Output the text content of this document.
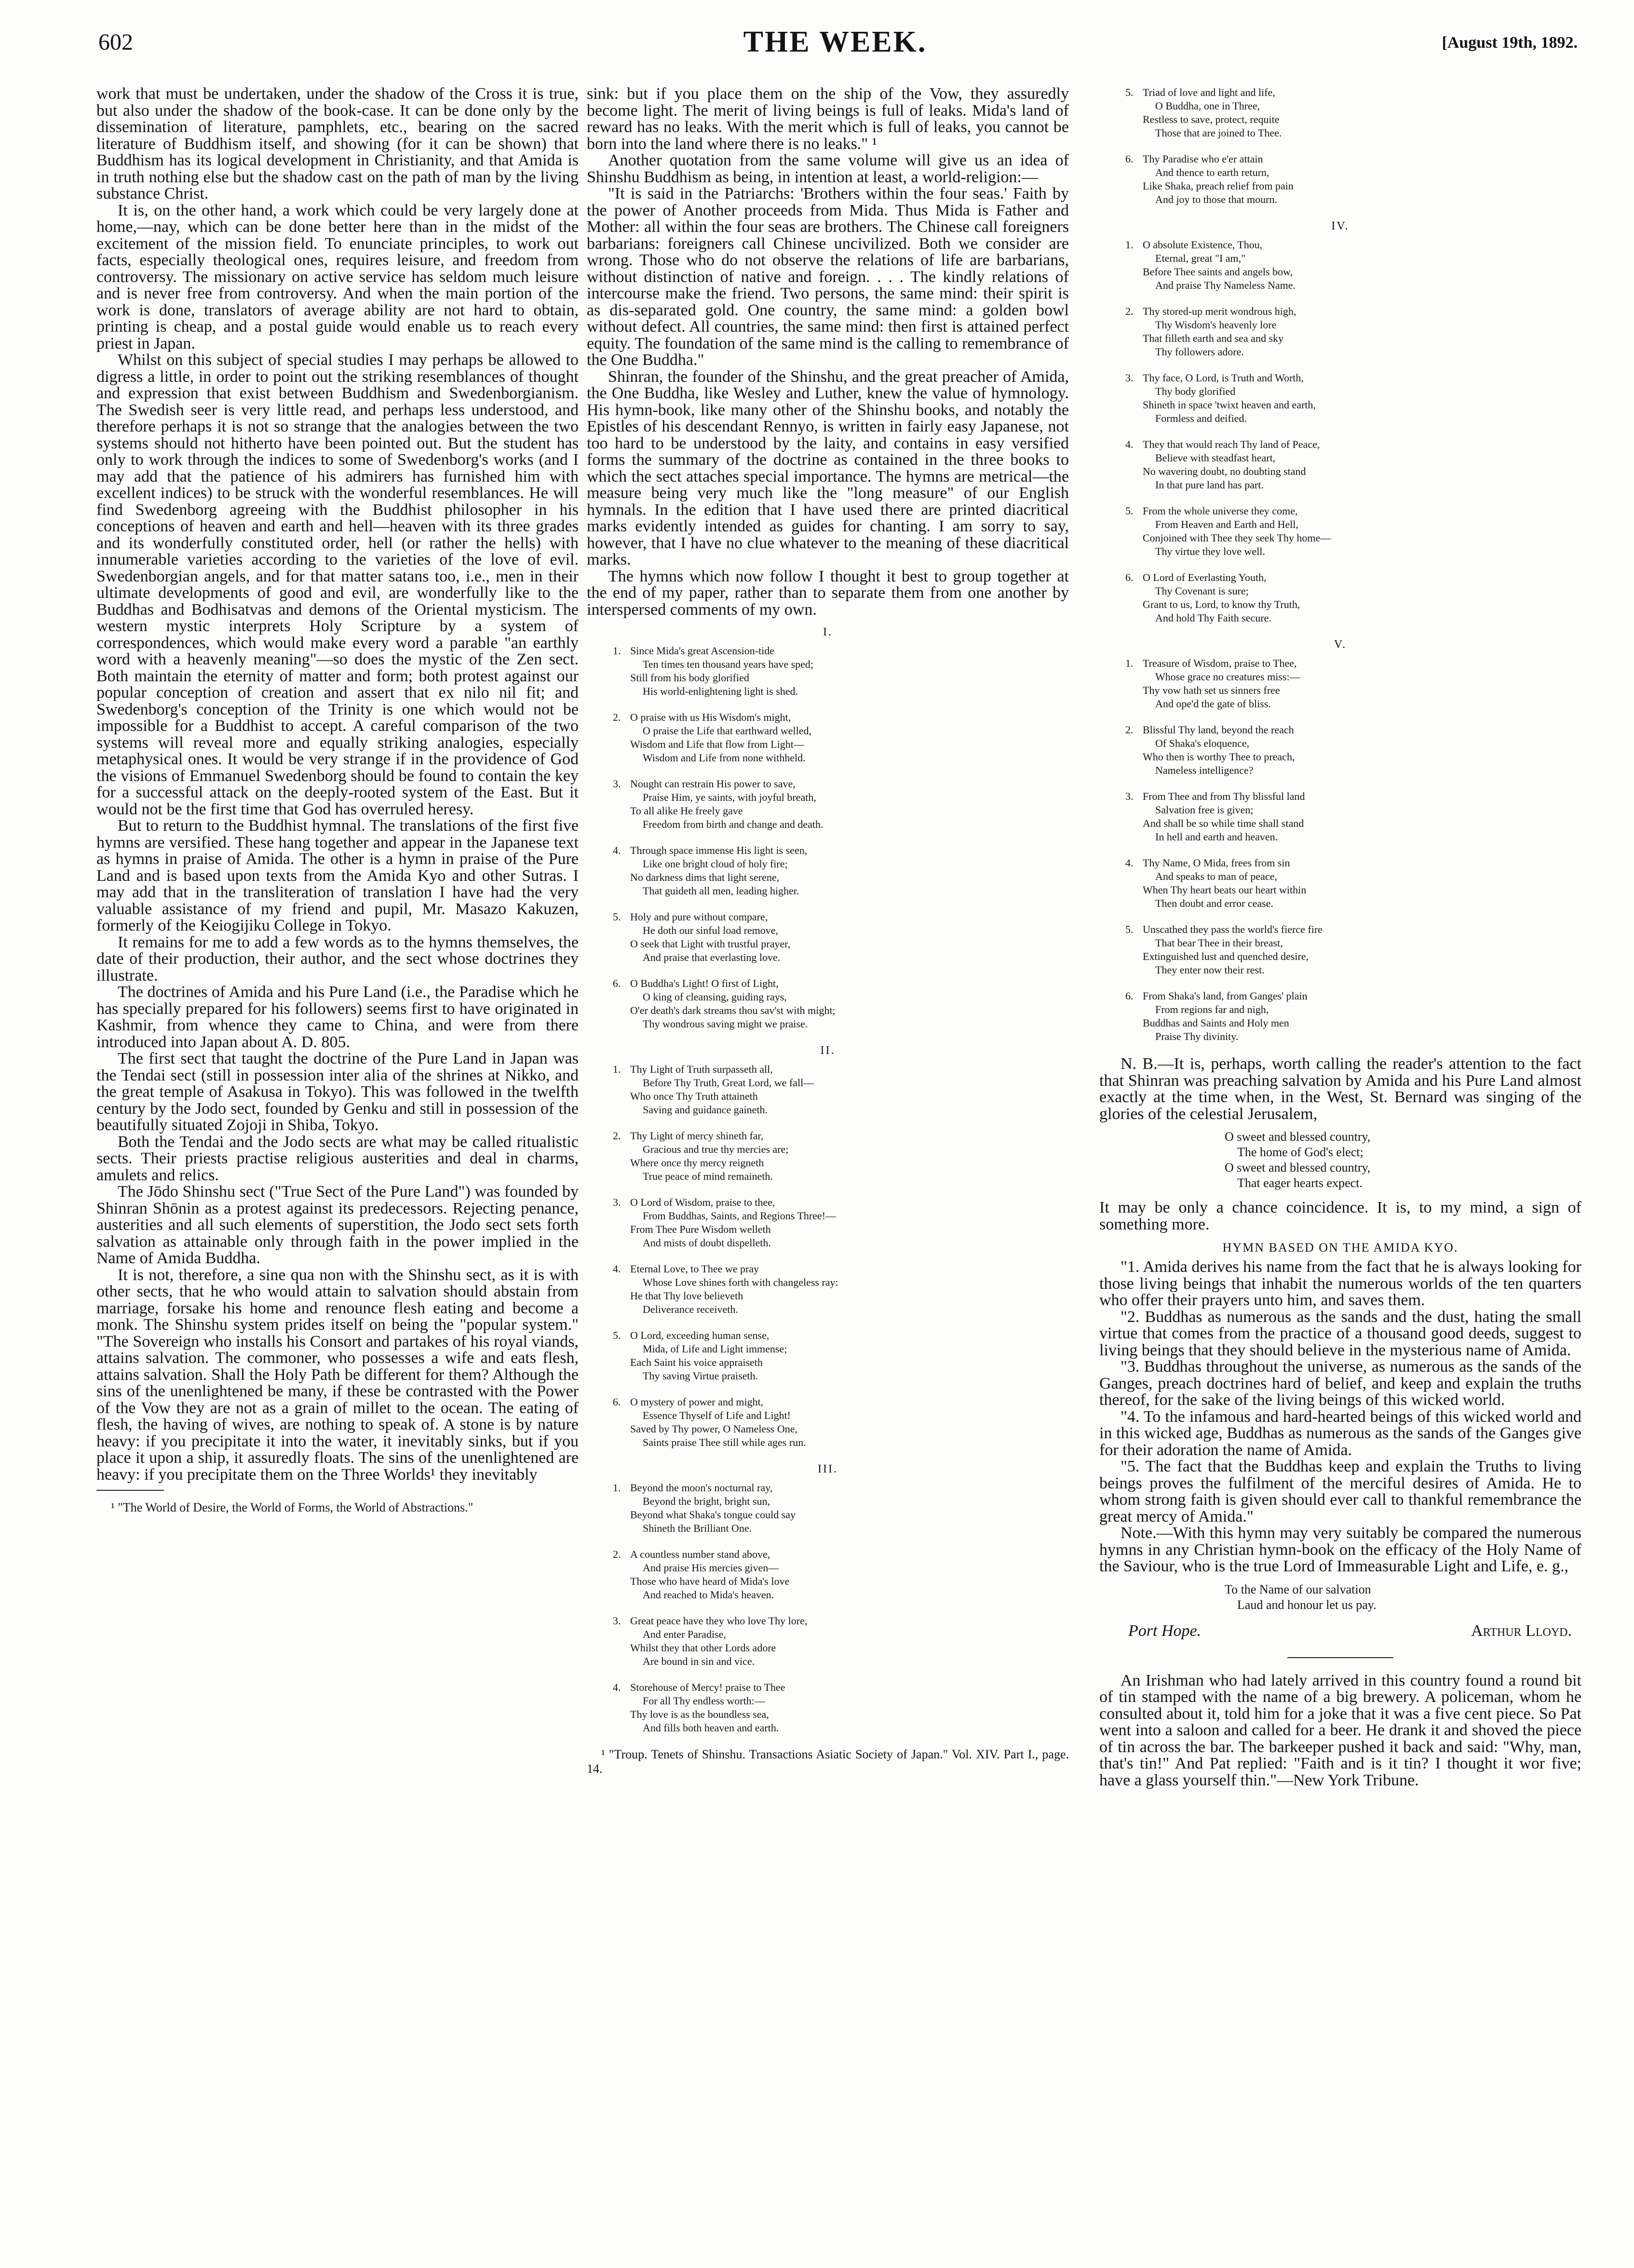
602	THE WEEK.	[August 19th, 1892.

work that must be undertaken, under the shadow of the Cross it is true, but also under the shadow of the book-case. It can be done only by the dissemination of literature, pamphlets, etc., bearing on the sacred literature of Buddhism itself, and showing (for it can be shown) that Buddhism has its logical development in Christianity, and that Amida is in truth nothing else but the shadow cast on the path of man by the living substance Christ.

It is, on the other hand, a work which could be very largely done at home,—nay, which can be done better here than in the midst of the excitement of the mission field. To enunciate principles, to work out facts, especially theological ones, requires leisure, and freedom from controversy. The missionary on active service has seldom much leisure and is never free from controversy. And when the main portion of the work is done, translators of average ability are not hard to obtain, printing is cheap, and a postal guide would enable us to reach every priest in Japan.

Whilst on this subject of special studies I may perhaps be allowed to digress a little, in order to point out the striking resemblances of thought and expression that exist between Buddhism and Swedenborgianism. The Swedish seer is very little read, and perhaps less understood, and therefore perhaps it is not so strange that the analogies between the two systems should not hitherto have been pointed out. But the student has only to work through the indices to some of Swedenborg's works (and I may add that the patience of his admirers has furnished him with excellent indices) to be struck with the wonderful resemblances. He will find Swedenborg agreeing with the Buddhist philosopher in his conceptions of heaven and earth and hell—heaven with its three grades and its wonderfully constituted order, hell (or rather the hells) with innumerable varieties according to the varieties of the love of evil. Swedenborgian angels, and for that matter satans too, i.e., men in their ultimate developments of good and evil, are wonderfully like to the Buddhas and Bodhisatvas and demons of the Oriental mysticism. The western mystic interprets Holy Scripture by a system of correspondences, which would make every word a parable "an earthly word with a heavenly meaning"—so does the mystic of the Zen sect. Both maintain the eternity of matter and form; both protest against our popular conception of creation and assert that ex nilo nil fit; and Swedenborg's conception of the Trinity is one which would not be impossible for a Buddhist to accept. A careful comparison of the two systems will reveal more and equally striking analogies, especially metaphysical ones. It would be very strange if in the providence of God the visions of Emmanuel Swedenborg should be found to contain the key for a successful attack on the deeply-rooted system of the East. But it would not be the first time that God has overruled heresy.

But to return to the Buddhist hymnal. The translations of the first five hymns are versified. These hang together and appear in the Japanese text as hymns in praise of Amida. The other is a hymn in praise of the Pure Land and is based upon texts from the Amida Kyo and other Sutras. I may add that in the transliteration of translation I have had the very valuable assistance of my friend and pupil, Mr. Masazo Kakuzen, formerly of the Keiogijiku College in Tokyo.

It remains for me to add a few words as to the hymns themselves, the date of their production, their author, and the sect whose doctrines they illustrate.

The doctrines of Amida and his Pure Land (i.e., the Paradise which he has specially prepared for his followers) seems first to have originated in Kashmir, from whence they came to China, and were from there introduced into Japan about A. D. 805.

The first sect that taught the doctrine of the Pure Land in Japan was the Tendai sect (still in possession inter alia of the shrines at Nikko, and the great temple of Asakusa in Tokyo). This was followed in the twelfth century by the Jodo sect, founded by Genku and still in possession of the beautifully situated Zojoji in Shiba, Tokyo.

Both the Tendai and the Jodo sects are what may be called ritualistic sects. Their priests practise religious austerities and deal in charms, amulets and relics.

The Jōdo Shinshu sect ("True Sect of the Pure Land") was founded by Shinran Shōnin as a protest against its predecessors. Rejecting penance, austerities and all such elements of superstition, the Jodo sect sets forth salvation as attainable only through faith in the power implied in the Name of Amida Buddha.

It is not, therefore, a sine qua non with the Shinshu sect, as it is with other sects, that he who would attain to salvation should abstain from marriage, forsake his home and renounce flesh eating and become a monk. The Shinshu system prides itself on being the "popular system." "The Sovereign who installs his Consort and partakes of his royal viands, attains salvation. The commoner, who possesses a wife and eats flesh, attains salvation. Shall the Holy Path be different for them? Although the sins of the unenlightened be many, if these be contrasted with the Power of the Vow they are not as a grain of millet to the ocean. The eating of flesh, the having of wives, are nothing to speak of. A stone is by nature heavy: if you precipitate it into the water, it inevitably sinks, but if you place it upon a ship, it assuredly floats. The sins of the unenlightened are heavy: if you precipitate them on the Three Worlds¹ they inevitably

¹ "The World of Desire, the World of Forms, the World of Abstractions."

sink: but if you place them on the ship of the Vow, they assuredly become light. The merit of living beings is full of leaks. Mida's land of reward has no leaks. With the merit which is full of leaks, you cannot be born into the land where there is no leaks." ¹

Another quotation from the same volume will give us an idea of Shinshu Buddhism as being, in intention at least, a world-religion:—

"It is said in the Patriarchs: 'Brothers within the four seas.' Faith by the power of Another proceeds from Mida. Thus Mida is Father and Mother: all within the four seas are brothers. The Chinese call foreigners barbarians: foreigners call Chinese uncivilized. Both we consider are wrong. Those who do not observe the relations of life are barbarians, without distinction of native and foreign. . . . The kindly relations of intercourse make the friend. Two persons, the same mind: their spirit is as dis-separated gold. One country, the same mind: a golden bowl without defect. All countries, the same mind: then first is attained perfect equity. The foundation of the same mind is the calling to remembrance of the One Buddha."

Shinran, the founder of the Shinshu, and the great preacher of Amida, the One Buddha, like Wesley and Luther, knew the value of hymnology. His hymn-book, like many other of the Shinshu books, and notably the Epistles of his descendant Rennyo, is written in fairly easy Japanese, not too hard to be understood by the laity, and contains in easy versified forms the summary of the doctrine as contained in the three books to which the sect attaches special importance. The hymns are metrical—the measure being very much like the "long measure" of our English hymnals. In the edition that I have used there are printed diacritical marks evidently intended as guides for chanting. I am sorry to say, however, that I have no clue whatever to the meaning of these diacritical marks.

The hymns which now follow I thought it best to group together at the end of my paper, rather than to separate them from one another by interspersed comments of my own.

I.
1. Since Mida's great Ascension-tide
Ten times ten thousand years have sped;
Still from his body glorified
His world-enlightening light is shed.
2. O praise with us His Wisdom's might,
O praise the Life that earthward welled,
Wisdom and Life that flow from Light—
Wisdom and Life from none withheld.
3. Nought can restrain His power to save,
Praise Him, ye saints, with joyful breath,
To all alike He freely gave
Freedom from birth and change and death.
4. Through space immense His light is seen,
Like one bright cloud of holy fire;
No darkness dims that light serene,
That guideth all men, leading higher.
5. Holy and pure without compare,
He doth our sinful load remove,
O seek that Light with trustful prayer,
And praise that everlasting love.
6. O Buddha's Light! O first of Light,
O king of cleansing, guiding rays,
O'er death's dark streams thou sav'st with might;
Thy wondrous saving might we praise.
II.
1. Thy Light of Truth surpasseth all,
Before Thy Truth, Great Lord, we fall—
Who once Thy Truth attaineth
Saving and guidance gaineth.
2. Thy Light of mercy shineth far,
Gracious and true thy mercies are;
Where once thy mercy reigneth
True peace of mind remaineth.
3. O Lord of Wisdom, praise to thee,
From Buddhas, Saints, and Regions Three!—
From Thee Pure Wisdom welleth
And mists of doubt dispelleth.
4. Eternal Love, to Thee we pray
Whose Love shines forth with changeless ray:
He that Thy love believeth
Deliverance receiveth.
5. O Lord, exceeding human sense,
Mida, of Life and Light immense;
Each Saint his voice appraiseth
Thy saving Virtue praiseth.
6. O mystery of power and might,
Essence Thyself of Life and Light!
Saved by Thy power, O Nameless One,
Saints praise Thee still while ages run.
III.
1. Beyond the moon's nocturnal ray,
Beyond the bright, bright sun,
Beyond what Shaka's tongue could say
Shineth the Brilliant One.
2. A countless number stand above,
And praise His mercies given—
Those who have heard of Mida's love
And reached to Mida's heaven.
3. Great peace have they who love Thy lore,
And enter Paradise,
Whilst they that other Lords adore
Are bound in sin and vice.
4. Storehouse of Mercy! praise to Thee
For all Thy endless worth:—
Thy love is as the boundless sea,
And fills both heaven and earth.

¹ "Troup. Tenets of Shinshu. Transactions Asiatic Society of Japan." Vol. XIV. Part I., page. 14.

5. Triad of love and light and life,
O Buddha, one in Three,
Restless to save, protect, requite
Those that are joined to Thee.
6. Thy Paradise who e'er attain
And thence to earth return,
Like Shaka, preach relief from pain
And joy to those that mourn.
IV.
1. O absolute Existence, Thou,
Eternal, great "I am,"
Before Thee saints and angels bow,
And praise Thy Nameless Name.
2. Thy stored-up merit wondrous high,
Thy Wisdom's heavenly lore
That filleth earth and sea and sky
Thy followers adore.
3. Thy face, O Lord, is Truth and Worth,
Thy body glorified
Shineth in space 'twixt heaven and earth,
Formless and deified.
4. They that would reach Thy land of Peace,
Believe with steadfast heart,
No wavering doubt, no doubting stand
In that pure land has part.
5. From the whole universe they come,
From Heaven and Earth and Hell,
Conjoined with Thee they seek Thy home—
Thy virtue they love well.
6. O Lord of Everlasting Youth,
Thy Covenant is sure;
Grant to us, Lord, to know thy Truth,
And hold Thy Faith secure.
V.
1. Treasure of Wisdom, praise to Thee,
Whose grace no creatures miss:—
Thy vow hath set us sinners free
And ope'd the gate of bliss.
2. Blissful Thy land, beyond the reach
Of Shaka's eloquence,
Who then is worthy Thee to preach,
Nameless intelligence?
3. From Thee and from Thy blissful land
Salvation free is given;
And shall be so while time shall stand
In hell and earth and heaven.
4. Thy Name, O Mida, frees from sin
And speaks to man of peace,
When Thy heart beats our heart within
Then doubt and error cease.
5. Unscathed they pass the world's fierce fire
That bear Thee in their breast,
Extinguished lust and quenched desire,
They enter now their rest.
6. From Shaka's land, from Ganges' plain
From regions far and nigh,
Buddhas and Saints and Holy men
Praise Thy divinity.

N. B.—It is, perhaps, worth calling the reader's attention to the fact that Shinran was preaching salvation by Amida and his Pure Land almost exactly at the time when, in the West, St. Bernard was singing of the glories of the celestial Jerusalem,

O sweet and blessed country,
The home of God's elect;
O sweet and blessed country,
That eager hearts expect.

It may be only a chance coincidence. It is, to my mind, a sign of something more.

HYMN BASED ON THE AMIDA KYO.

"1. Amida derives his name from the fact that he is always looking for those living beings that inhabit the numerous worlds of the ten quarters who offer their prayers unto him, and saves them.

"2. Buddhas as numerous as the sands and the dust, hating the small virtue that comes from the practice of a thousand good deeds, suggest to living beings that they should believe in the mysterious name of Amida.

"3. Buddhas throughout the universe, as numerous as the sands of the Ganges, preach doctrines hard of belief, and keep and explain the truths thereof, for the sake of the living beings of this wicked world.

"4. To the infamous and hard-hearted beings of this wicked world and in this wicked age, Buddhas as numerous as the sands of the Ganges give for their adoration the name of Amida.

"5. The fact that the Buddhas keep and explain the Truths to living beings proves the fulfilment of the merciful desires of Amida. He to whom strong faith is given should ever call to thankful remembrance the great mercy of Amida."

Note.—With this hymn may very suitably be compared the numerous hymns in any Christian hymn-book on the efficacy of the Holy Name of the Saviour, who is the true Lord of Immeasurable Light and Life, e. g.,

To the Name of our salvation
Laud and honour let us pay.
Port Hope.	Arthur Lloyd.

An Irishman who had lately arrived in this country found a round bit of tin stamped with the name of a big brewery. A policeman, whom he consulted about it, told him for a joke that it was a five cent piece. So Pat went into a saloon and called for a beer. He drank it and shoved the piece of tin across the bar. The barkeeper pushed it back and said: "Why, man, that's tin!" And Pat replied: "Faith and is it tin? I thought it wor five; have a glass yourself thin."—New York Tribune.
